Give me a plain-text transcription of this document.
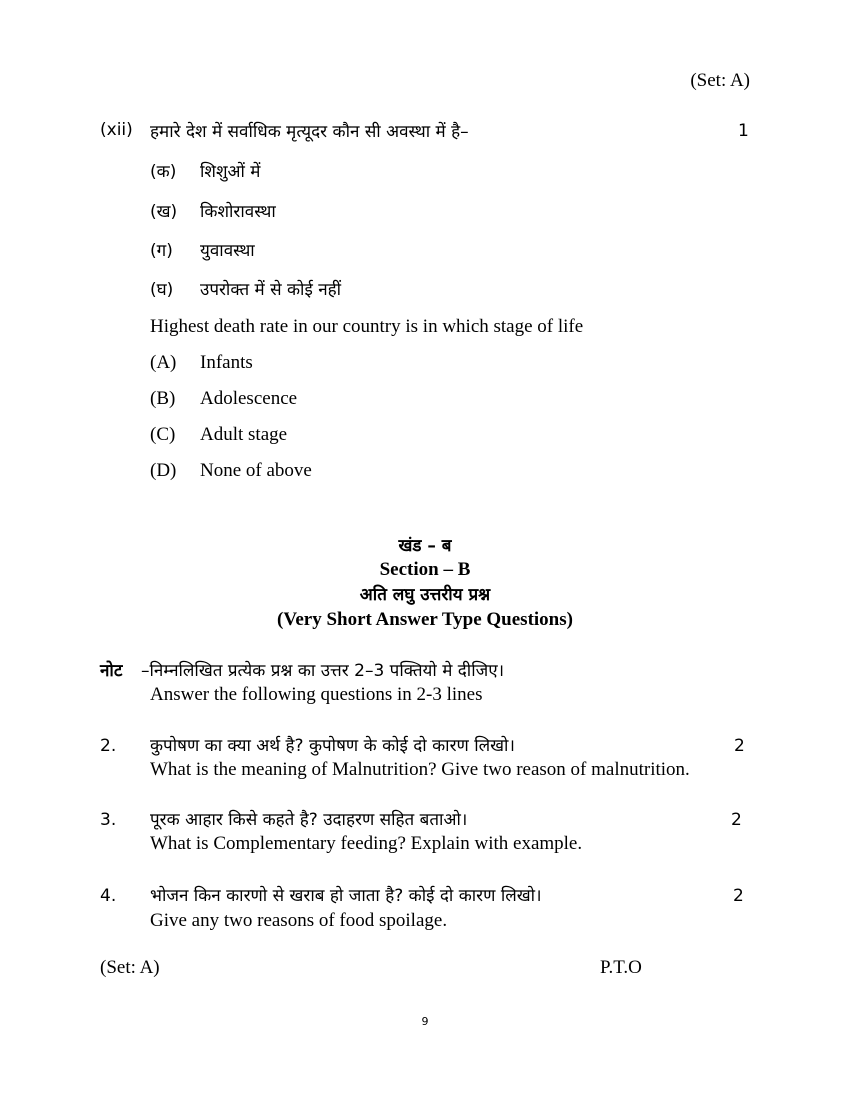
(Set: A)
(xii) हमारे देश में सर्वाधिक मृत्यूदर कौन सी अवस्था में है–	1
(क) शिशुओं में
(ख) किशोरावस्था
(ग) युवावस्था
(घ) उपरोक्त में से कोई नहीं
Highest death rate in our country is in which stage of life
(A) Infants
(B) Adolescence
(C) Adult stage
(D) None of above
खंड – ब
Section – B
अति लघु उत्तरीय प्रश्न
(Very Short Answer Type Questions)
नोट –निम्नलिखित प्रत्येक प्रश्न का उत्तर 2–3 पक्तियो मे दीजिए।
Answer the following questions in 2-3 lines
2. कुपोषण का क्या अर्थ है? कुपोषण के कोई दो कारण लिखो।	2
What is the meaning of Malnutrition? Give two reason of malnutrition.
3. पूरक आहार किसे कहते है? उदाहरण सहित बताओ।	2
What is Complementary feeding? Explain with example.
4. भोजन किन कारणो से खराब हो जाता है? कोई दो कारण लिखो।	2
Give any two reasons of food spoilage.
(Set: A)	P.T.O
9
